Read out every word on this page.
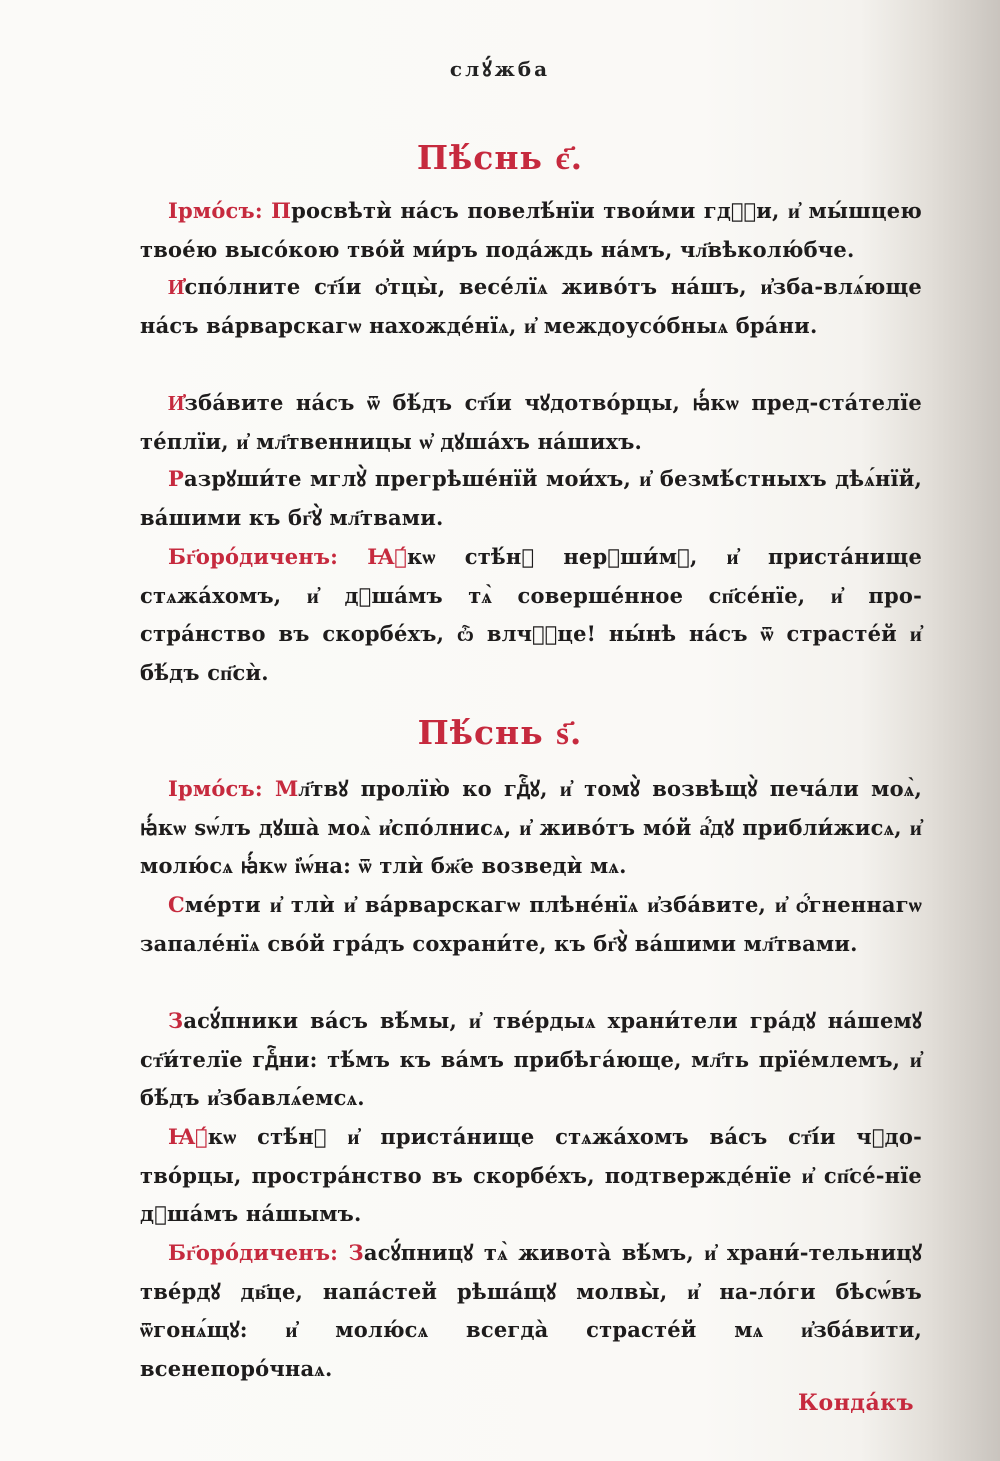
слꙋ́жба
Пѣ́снь є҃.

Ірмо́съ: Просвѣтѝ на́съ повелѣ́нїи твои́ми гдⷭ҇и, и҆ мы́шцею твое́ю высо́кою тво́й ми́ръ пода́ждь на́мъ, чл҃вѣколю́бче.

И҆спо́лните ст҃і́и ѻ҆тцы̀, весе́лїѧ живо́тъ на́шъ, и҆зба-влѧ́юще на́съ ва́рварскагѡ нахожде́нїѧ, и҆ междоусо́бныѧ бра́ни.

И҆зба́вите на́съ ѿ бѣ́дъ ст҃і́и чꙋдотво́рцы, ꙗ҆́кѡ пред-ста́телїе те́плїи, и҆ мл҃твенницы ѡ҆ дꙋша́хъ на́шихъ.

Разрꙋши́те мглꙋ̀ прегрѣше́нїй мои́хъ, и҆ безмѣ́стныхъ дѣѧ́нїй, ва́шими къ бг҃ꙋ̀ мл҃твами.

Бг҃оро́диченъ: Ꙗ҆́кѡ стѣ́нꙋ нерꙋши́мꙋ, и҆ приста́нище стѧжа́хомъ, и҆ дꙋша́мъ тѧ̀ соверше́нное сп҃се́нїе, и҆ про-стра́нство въ скорбе́хъ, ѽ влчⷭ҇це! ны́нѣ на́съ ѿ страсте́й и҆ бѣ́дъ сп҃сѝ.

Пѣ́снь ѕ҃.

Ірмо́съ: Мл҃твꙋ пролїю̀ ко гдⷭ҇ꙋ, и҆ томꙋ̀ возвѣщꙋ̀ печа́ли моѧ̀, ꙗ҆́кѡ ѕѡ́лъ дꙋша̀ моѧ̀ и҆спо́лнисѧ, и҆ живо́тъ мо́й а҆́дꙋ прибли́жисѧ, и҆ молю́сѧ ꙗ҆́кѡ і҆ѡ́на: ѿ тлѝ бж҃е возведѝ мѧ.

Сме́рти и҆ тлѝ и҆ ва́рварскагѡ плѣне́нїѧ и҆зба́вите, и҆ ѻ҆́гненнагѡ запале́нїѧ сво́й гра́дъ сохрани́те, къ бг҃ꙋ̀ ва́шими мл҃твами.

Засꙋ́пники ва́съ вѣ́мы, и҆ тве́рдыѧ храни́тели гра́дꙋ на́шемꙋ ст҃и́телїе гдⷭ҇ни: тѣ́мъ къ ва́мъ прибѣга́юще, мл҃ть прїе́млемъ, и҆ бѣ́дъ и҆збавлѧ́емсѧ.

Ꙗ҆́кѡ стѣ́нꙋ и҆ приста́нище стѧжа́хомъ ва́съ ст҃і́и чꙋдо-тво́рцы, простра́нство въ скорбе́хъ, подтвержде́нїе и҆ сп҃се́-нїе дꙋша́мъ на́шымъ.

Бг҃оро́диченъ: Засꙋ́пницꙋ тѧ̀ живота̀ вѣ́мъ, и҆ храни́-тельницꙋ тве́рдꙋ дв҃це, напа́стей рѣша́щꙋ молвы̀, и҆ на-ло́ги бѣсѡ́въ ѿгонѧ́щꙋ: и҆ молю́сѧ всегда̀ страсте́й мѧ и҆зба́вити, всенепоро́чнаѧ.

Конда́къ
